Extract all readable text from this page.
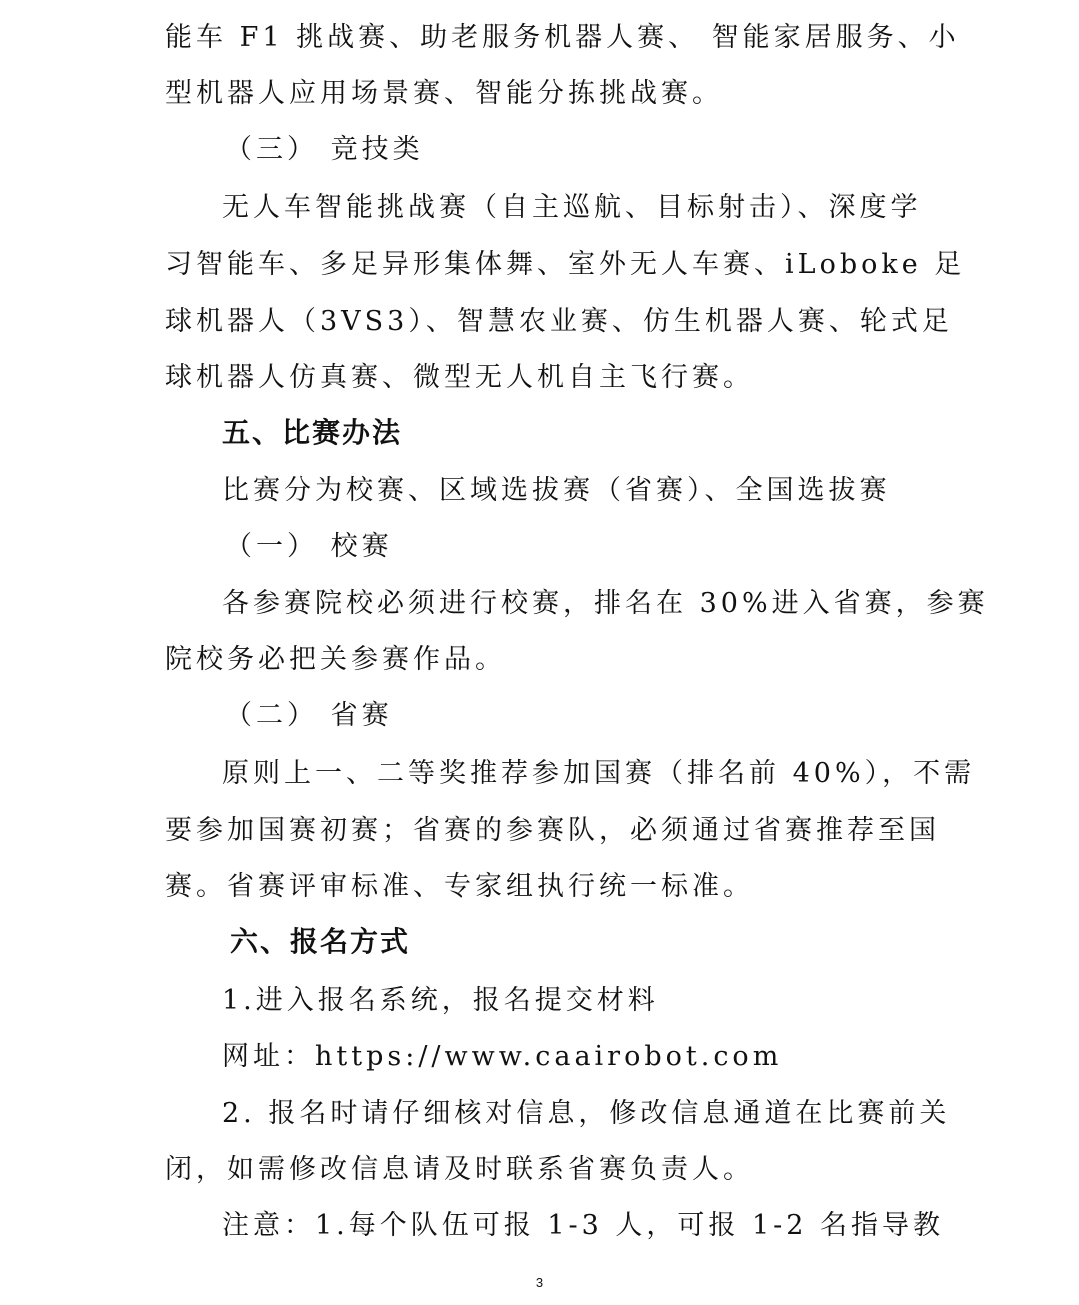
能车 F1 挑战赛、助老服务机器人赛、 智能家居服务、小
型机器人应用场景赛、智能分拣挑战赛。
（三） 竞技类
无人车智能挑战赛（自主巡航、目标射击）、深度学
习智能车、多足异形集体舞、室外无人车赛、iLoboke 足
球机器人（3VS3）、智慧农业赛、仿生机器人赛、轮式足
球机器人仿真赛、微型无人机自主飞行赛。
五、比赛办法
比赛分为校赛、区域选拔赛（省赛）、全国选拔赛
（一） 校赛
各参赛院校必须进行校赛，排名在 30%进入省赛，参赛
院校务必把关参赛作品。
（二） 省赛
原则上一、二等奖推荐参加国赛（排名前 40%），不需
要参加国赛初赛；省赛的参赛队，必须通过省赛推荐至国
赛。省赛评审标准、专家组执行统一标准。
六、报名方式
1.进入报名系统，报名提交材料
网址：https://www.caairobot.com
2. 报名时请仔细核对信息，修改信息通道在比赛前关
闭，如需修改信息请及时联系省赛负责人。
注意：1.每个队伍可报 1-3 人，可报 1-2 名指导教
3
